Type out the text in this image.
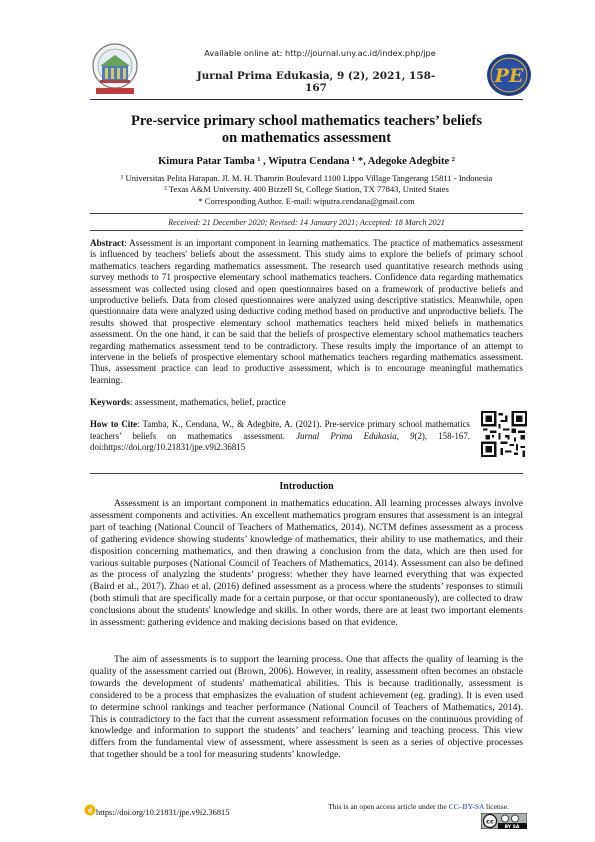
Available online at: http://journal.uny.ac.id/index.php/jpe
Jurnal Prima Edukasia, 9 (2), 2021, 158-167
PE
Pre-service primary school mathematics teachers’ beliefs
on mathematics assessment
Kimura Patar Tamba ¹ , Wiputra Cendana ¹ *, Adegoke Adegbite ²
¹ Universitas Pelita Harapan. Jl. M. H. Thamrin Boulevard 1100 Lippo Village Tangerang 15811 - Indonesia
² Texas A&M University. 400 Bizzell St, College Station, TX 77843, United States
* Corresponding Author. E-mail: wiputra.cendana@gmail.com
Received: 21 December 2020; Revised: 14 January 2021; Accepted: 18 March 2021
Abstract: Assessment is an important component in learning mathematics. The practice of mathematics assessment is influenced by teachers' beliefs about the assessment. This study aims to explore the beliefs of primary school mathematics teachers regarding mathematics assessment. The research used quantitative research methods using survey methods to 71 prospective elementary school mathematics teachers. Confidence data regarding mathematics assessment was collected using closed and open questionnaires based on a framework of productive beliefs and unproductive beliefs. Data from closed questionnaires were analyzed using descriptive statistics. Meanwhile, open questionnaire data were analyzed using deductive coding method based on productive and unproductive beliefs. The results showed that prospective elementary school mathematics teachers held mixed beliefs in mathematics assessment. On the one hand, it can be said that the beliefs of prospective elementary school mathematics teachers regarding mathematics assessment tend to be contradictory. These results imply the importance of an attempt to intervene in the beliefs of prospective elementary school mathematics teachers regarding mathematics assessment. Thus, assessment practice can lead to productive assessment, which is to encourage meaningful mathematics learning.
Keywords: assessment, mathematics, belief, practice
How to Cite: Tamba, K., Cendana, W., & Adegbite, A. (2021). Pre-service primary school mathematics teachers’ beliefs on mathematics assessment. Jurnal Prima Edukasia, 9(2), 158-167. doi:https://doi.org/10.21831/jpe.v9i2.36815
Introduction

Assessment is an important component in mathematics education. All learning processes always involve assessment components and activities. An excellent mathematics program ensures that assessment is an integral part of teaching (National Council of Teachers of Mathematics, 2014). NCTM defines assessment as a process of gathering evidence showing students’ knowledge of mathematics, their ability to use mathematics, and their disposition concerning mathematics, and then drawing a conclusion from the data, which are then used for various suitable purposes (National Council of Teachers of Mathematics, 2014). Assessment can also be defined as the process of analyzing the students’ progress: whether they have learned everything that was expected (Baird et al., 2017). Zhao et al. (2016) defined assessment as a process where the students’ responses to stimuli (both stimuli that are specifically made for a certain purpose, or that occur spontaneously), are collected to draw conclusions about the students' knowledge and skills. In other words, there are at least two important elements in assessment: gathering evidence and making decisions based on that evidence.

The aim of assessments is to support the learning process. One that affects the quality of learning is the quality of the assessment carried out (Brown, 2006). However, in reality, assessment often becomes an obstacle towards the development of students' mathematical abilities. This is because traditionally, assessment is considered to be a process that emphasizes the evaluation of student achievement (eg. grading). It is even used to determine school rankings and teacher performance (National Council of Teachers of Mathematics, 2014). This is contradictory to the fact that the current assessment reformation focuses on the continuous providing of knowledge and information to support the students’ and teachers’ learning and teaching process. This view differs from the fundamental view of assessment, where assessment is seen as a series of objective processes that together should be a tool for measuring students’ knowledge.

d https://doi.org/10.21831/jpe.v9i2.36815
This is an open access article under the CC–BY-SA license.
cc
BY SA
